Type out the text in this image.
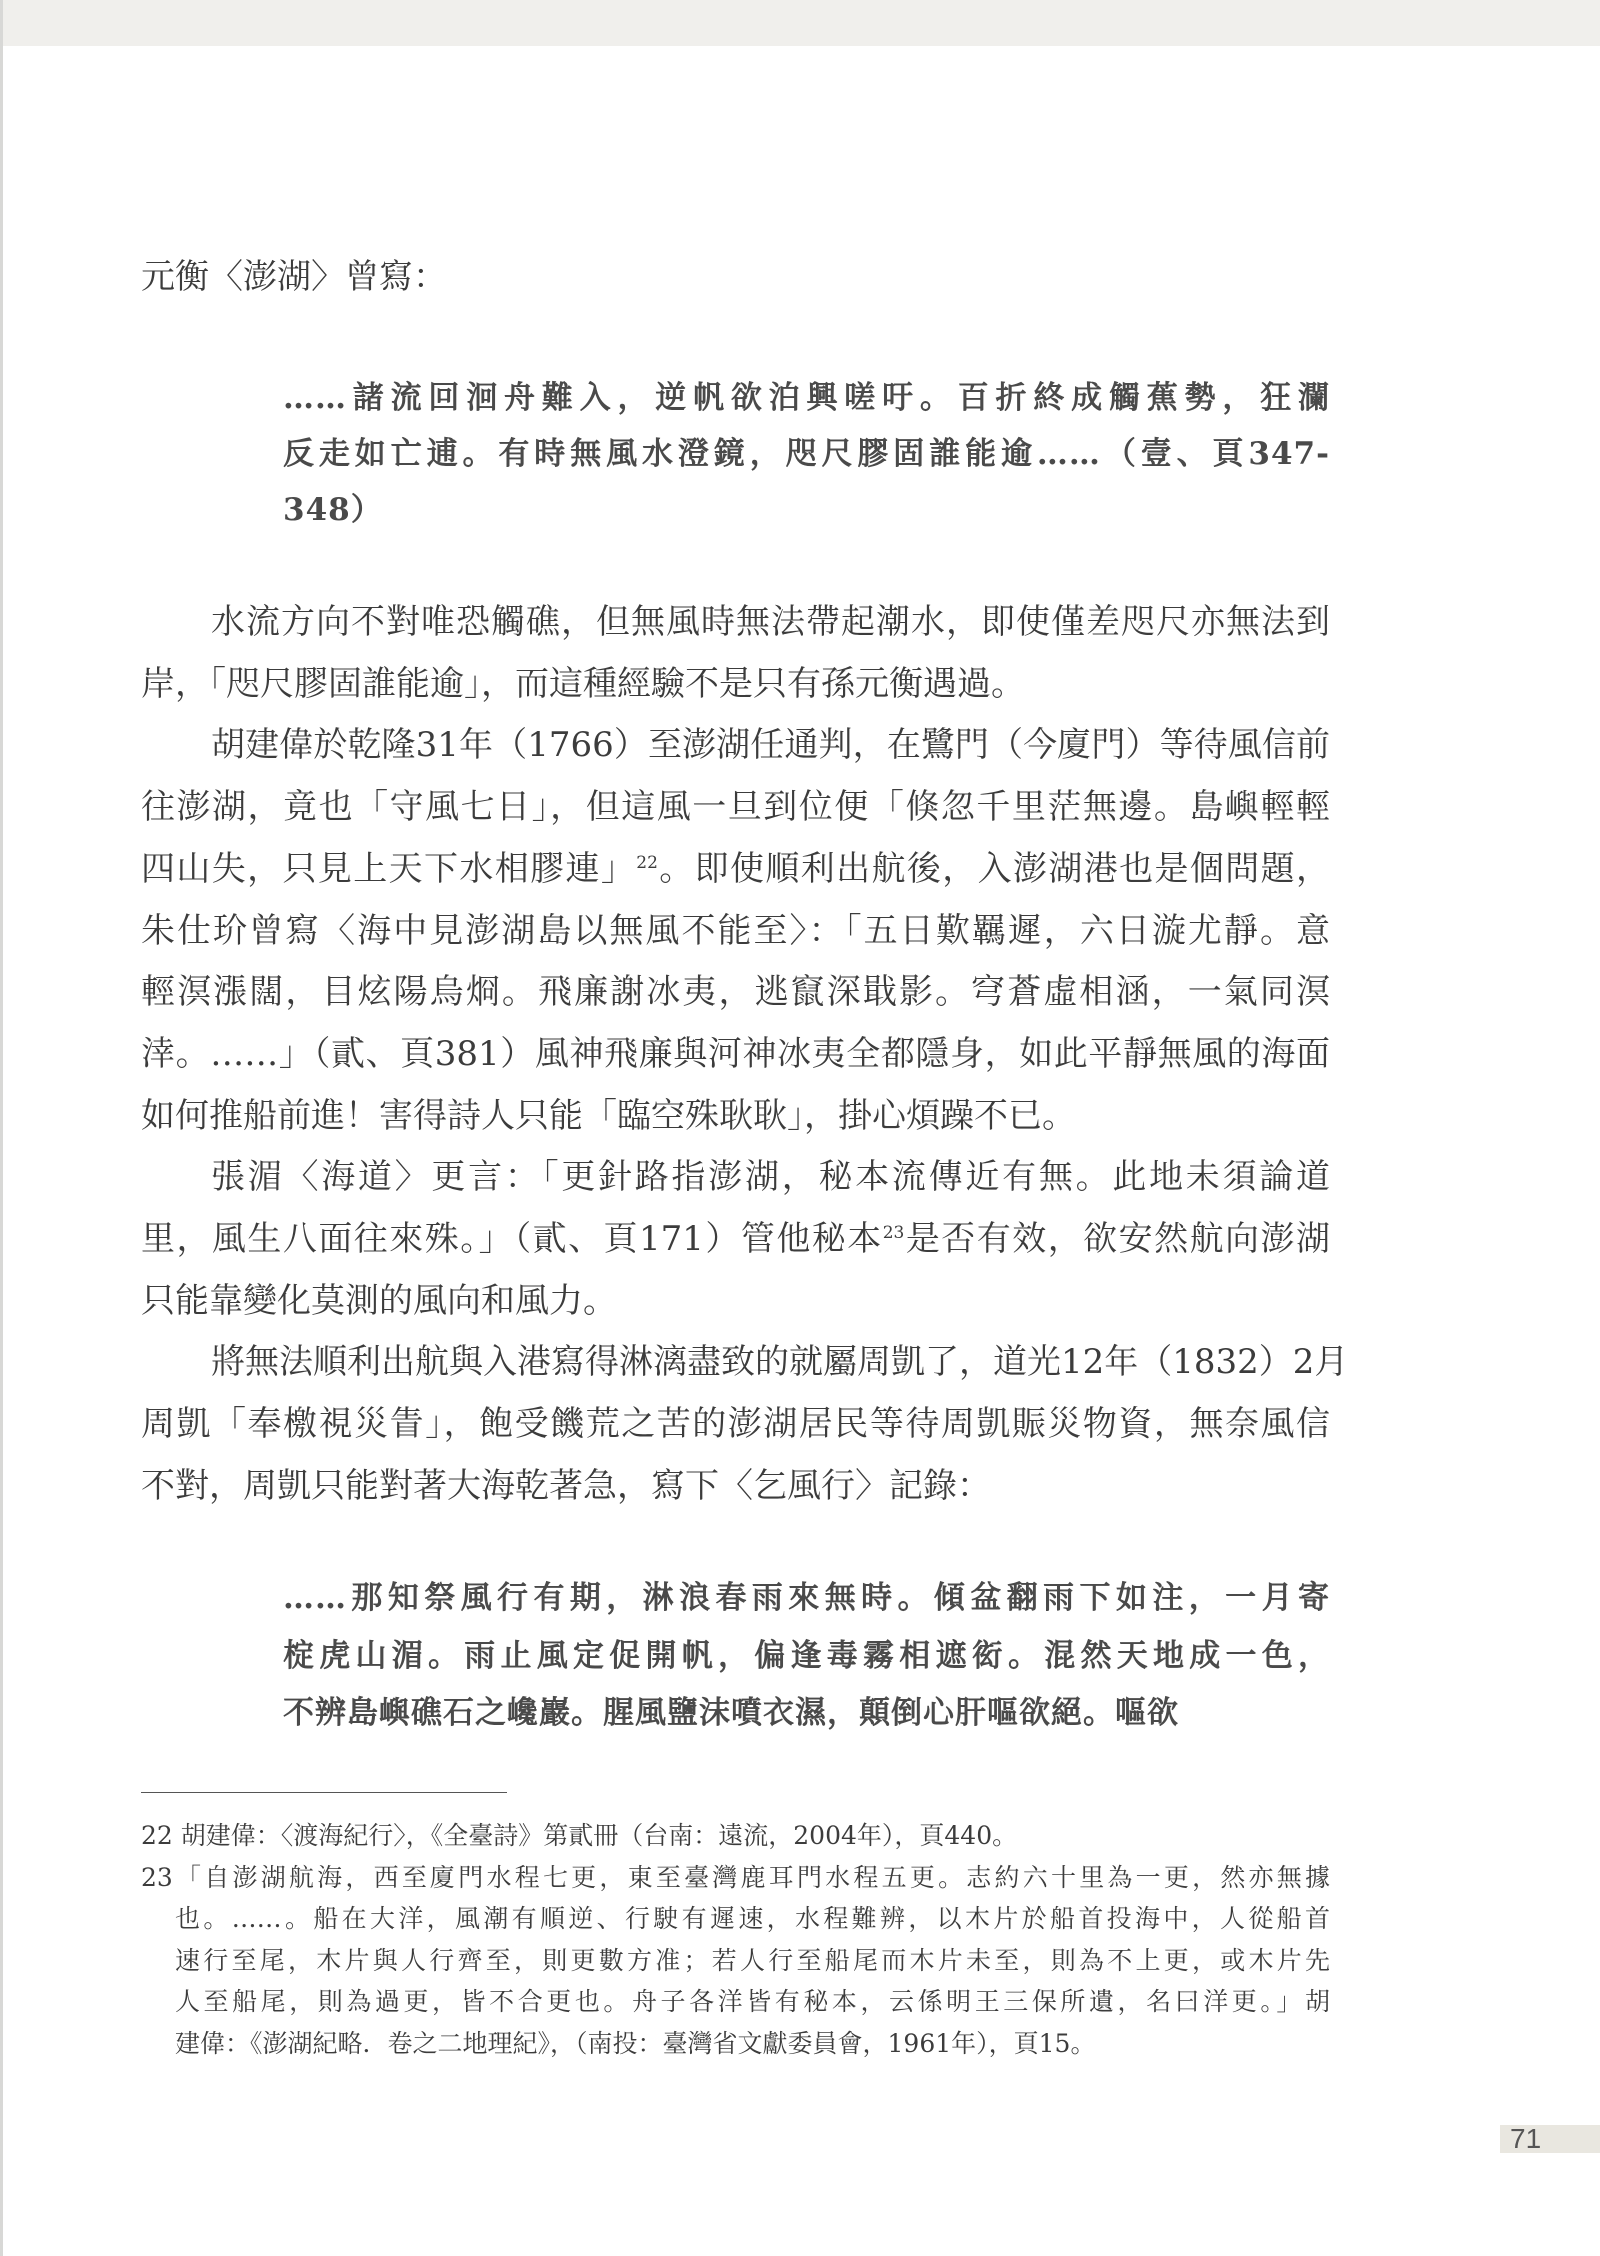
元衡〈澎湖〉曾寫：
……諸流回洄舟難入，逆帆欲泊興嗟吁。百折終成觸蕉勢，狂瀾
反走如亡逋。有時無風水澄鏡，咫尺膠固誰能逾……（壹、頁347-
348）
水流方向不對唯恐觸礁，但無風時無法帶起潮水，即使僅差咫尺亦無法到
岸，「咫尺膠固誰能逾」，而這種經驗不是只有孫元衡遇過。
胡建偉於乾隆31年（1766）至澎湖任通判，在鷺門（今廈門）等待風信前
往澎湖，竟也「守風七日」，但這風一旦到位便「倏忽千里茫無邊。島嶼輕輕
四山失，只見上天下水相膠連」$^{22}$。即使順利出航後，入澎湖港也是個問題，
朱仕玠曾寫〈海中見澎湖島以無風不能至〉：「五日歎羈遲，六日漩尤靜。意
輕溟漲闊，目炫陽烏烱。飛廉謝冰夷，逃竄深戢影。穹蒼虛相涵，一氣同溟
涬。……」（貳、頁381）風神飛廉與河神冰夷全都隱身，如此平靜無風的海面
如何推船前進！害得詩人只能「臨空殊耿耿」，掛心煩躁不已。
張湄〈海道〉更言：「更針路指澎湖，秘本流傳近有無。此地未須論道
里，風生八面往來殊。」（貳、頁171）管他秘本$^{23}$是否有效，欲安然航向澎湖
只能靠變化莫測的風向和風力。
將無法順利出航與入港寫得淋漓盡致的就屬周凱了，道光12年（1832）2月
周凱「奉檄視災眚」，飽受饑荒之苦的澎湖居民等待周凱賑災物資，無奈風信
不對，周凱只能對著大海乾著急，寫下〈乞風行〉記錄：
……那知祭風行有期，淋浪春雨來無時。傾盆翻雨下如注，一月寄
椗虎山湄。雨止風定促開帆，偏逢毒霧相遮衒。混然天地成一色，
不辨島嶼礁石之巉巖。腥風鹽沫噴衣濕，顛倒心肝嘔欲絕。嘔欲
22 胡建偉：〈渡海紀行〉，《全臺詩》第貳冊（台南：遠流，2004年），頁440。
23「自澎湖航海，西至廈門水程七更，東至臺灣鹿耳門水程五更。志約六十里為一更，然亦無據
也。……。船在大洋，風潮有順逆、行駛有遲速，水程難辨，以木片於船首投海中，人從船首
速行至尾，木片與人行齊至，則更數方准；若人行至船尾而木片未至，則為不上更，或木片先
人至船尾，則為過更，皆不合更也。舟子各洋皆有秘本，云係明王三保所遺，名曰洋更。」胡
建偉：《澎湖紀略．卷之二地理紀》，（南投：臺灣省文獻委員會，1961年），頁15。
71
